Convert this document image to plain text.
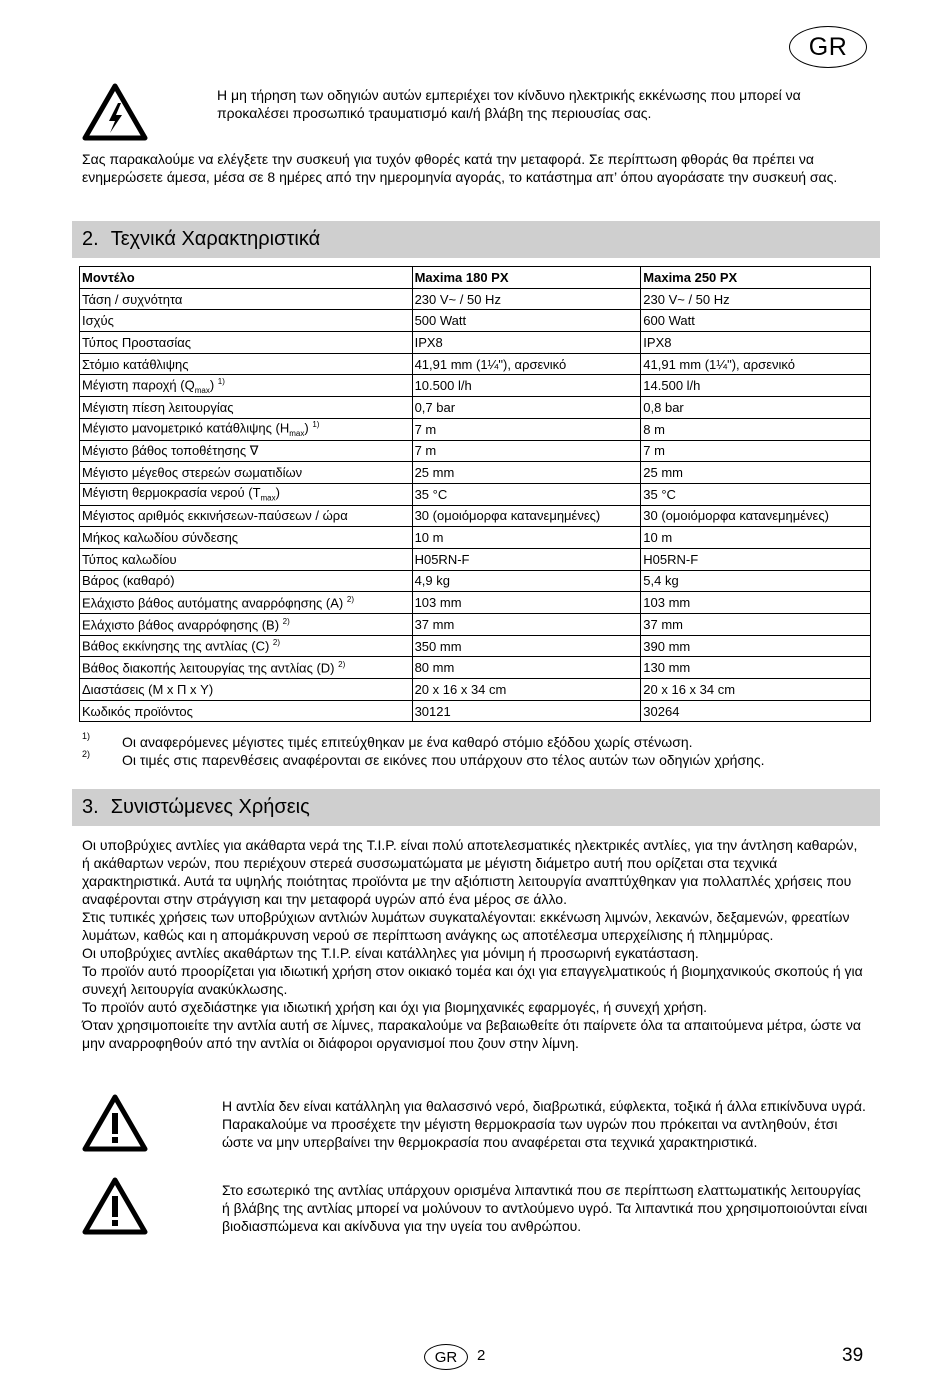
GR

Η μη τήρηση των οδηγιών αυτών εμπεριέχει τον κίνδυνο ηλεκτρικής εκκένωσης που μπορεί να προκαλέσει προσωπικό τραυματισμό και/ή βλάβη της περιουσίας σας.

Σας παρακαλούμε να ελέγξετε την συσκευή για τυχόν φθορές κατά την μεταφορά. Σε περίπτωση φθοράς θα πρέπει να ενημερώσετε άμεσα, μέσα σε 8 ημέρες από την ημερομηνία αγοράς, το κατάστημα απ’ όπου αγοράσατε την συσκευή σας.

2. Τεχνικά Χαρακτηριστικά
Μοντέλο	Maxima 180 PX	Maxima 250 PX
Τάση / συχνότητα	230 V~ / 50 Hz	230 V~ / 50 Hz
Ισχύς	500 Watt	600 Watt
Τύπος Προστασίας	IPX8	IPX8
Στόμιο κατάθλιψης	41,91 mm (1¼"), αρσενικό	41,91 mm (1¼"), αρσενικό
Μέγιστη παροχή $(Q_{max})$ $^{1)}$	10.500 l/h	14.500 l/h
Μέγιστη πίεση λειτουργίας	0,7 bar	0,8 bar
Μέγιστο μανομετρικό κατάθλιψης $(H_{max})$ $^{1)}$	7 m	8 m
Μέγιστο βάθος τοποθέτησης ∇	7 m	7 m
Μέγιστο μέγεθος στερεών σωματιδίων	25 mm	25 mm
Μέγιστη θερμοκρασία νερού $(T_{max})$	35 °C	35 °C
Μέγιστος αριθμός εκκινήσεων-παύσεων / ώρα	30 (ομοιόμορφα κατανεμημένες)	30 (ομοιόμορφα κατανεμημένες)
Μήκος καλωδίου σύνδεσης	10 m	10 m
Τύπος καλωδίου	H05RN-F	H05RN-F
Βάρος (καθαρό)	4,9 kg	5,4 kg
Ελάχιστο βάθος αυτόματης αναρρόφησης (A) $^{2)}$	103 mm	103 mm
Ελάχιστο βάθος αναρρόφησης (B) $^{2)}$	37 mm	37 mm
Βάθος εκκίνησης της αντλίας (C) $^{2)}$	350 mm	390 mm
Βάθος διακοπής λειτουργίας της αντλίας (D) $^{2)}$	80 mm	130 mm
Διαστάσεις (Μ x Π x Υ)	20 x 16 x 34 cm	20 x 16 x 34 cm
Κωδικός προϊόντος	30121	30264
1) Οι αναφερόμενες μέγιστες τιμές επιτεύχθηκαν με ένα καθαρό στόμιο εξόδου χωρίς στένωση.
2) Οι τιμές στις παρενθέσεις αναφέρονται σε εικόνες που υπάρχουν στο τέλος αυτών των οδηγιών χρήσης.
3. Συνιστώμενες Χρήσεις

Οι υποβρύχιες αντλίες για ακάθαρτα νερά της T.I.P. είναι πολύ αποτελεσματικές ηλεκτρικές αντλίες, για την άντληση καθαρών, ή ακάθαρτων νερών, που περιέχουν στερεά συσσωματώματα με μέγιστη διάμετρο αυτή που ορίζεται στα τεχνικά χαρακτηριστικά. Αυτά τα υψηλής ποιότητας προϊόντα με την αξιόπιστη λειτουργία αναπτύχθηκαν για πολλαπλές χρήσεις που αναφέρονται στην στράγγιση και την μεταφορά υγρών από ένα μέρος σε άλλο.

Στις τυπικές χρήσεις των υποβρύχιων αντλιών λυμάτων συγκαταλέγονται: εκκένωση λιμνών, λεκανών, δεξαμενών, φρεατίων λυμάτων, καθώς και η απομάκρυνση νερού σε περίπτωση ανάγκης ως αποτέλεσμα υπερχείλισης ή πλημμύρας.

Οι υποβρύχιες αντλίες ακαθάρτων της T.I.P. είναι κατάλληλες για μόνιμη ή προσωρινή εγκατάσταση.

Το προϊόν αυτό προορίζεται για ιδιωτική χρήση στον οικιακό τομέα και όχι για επαγγελματικούς ή βιομηχανικούς σκοπούς ή για συνεχή λειτουργία ανακύκλωσης.

Το προϊόν αυτό σχεδιάστηκε για ιδιωτική χρήση και όχι για βιομηχανικές εφαρμογές, ή συνεχή χρήση.

Όταν χρησιμοποιείτε την αντλία αυτή σε λίμνες, παρακαλούμε να βεβαιωθείτε ότι παίρνετε όλα τα απαιτούμενα μέτρα, ώστε να μην αναρροφηθούν από την αντλία οι διάφοροι οργανισμοί που ζουν στην λίμνη.

Η αντλία δεν είναι κατάλληλη για θαλασσινό νερό, διαβρωτικά, εύφλεκτα, τοξικά ή άλλα επικίνδυνα υγρά. Παρακαλούμε να προσέχετε την μέγιστη θερμοκρασία των υγρών που πρόκειται να αντληθούν, έτσι ώστε να μην υπερβαίνει την θερμοκρασία που αναφέρεται στα τεχνικά χαρακτηριστικά.

Στο εσωτερικό της αντλίας υπάρχουν ορισμένα λιπαντικά που σε περίπτωση ελαττωματικής λειτουργίας ή βλάβης της αντλίας μπορεί να μολύνουν το αντλούμενο υγρό. Τα λιπαντικά που χρησιμοποιούνται είναι βιοδιασπώμενα και ακίνδυνα για την υγεία του ανθρώπου.

GR	2	39
